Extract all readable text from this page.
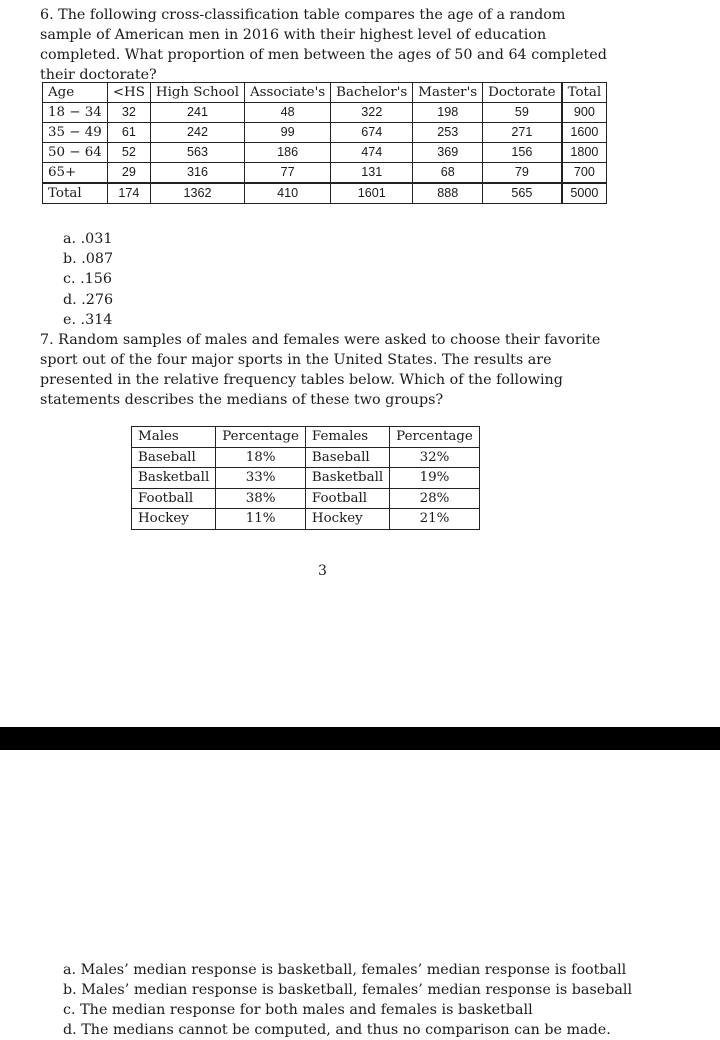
6. The following cross-classification table compares the age of a random sample of American men in 2016 with their highest level of education completed. What proportion of men between the ages of 50 and 64 completed their doctorate?

Age	<HS	High School	Associate's	Bachelor's	Master's	Doctorate	Total
18 − 34	32	241	48	322	198	59	900
35 − 49	61	242	99	674	253	271	1600
50 − 64	52	563	186	474	369	156	1800
65+	29	316	77	131	68	79	700
Total	174	1362	410	1601	888	565	5000
a. .031
b. .087
c. .156
d. .276
e. .314

7. Random samples of males and females were asked to choose their favorite sport out of the four major sports in the United States. The results are presented in the relative frequency tables below. Which of the following statements describes the medians of these two groups?

Males	Percentage	Females	Percentage
Baseball	18%	Baseball	32%
Basketball	33%	Basketball	19%
Football	38%	Football	28%
Hockey	11%	Hockey	21%
3
a. Males’ median response is basketball, females’ median response is football
b. Males’ median response is basketball, females’ median response is baseball
c. The median response for both males and females is basketball
d. The medians cannot be computed, and thus no comparison can be made.
